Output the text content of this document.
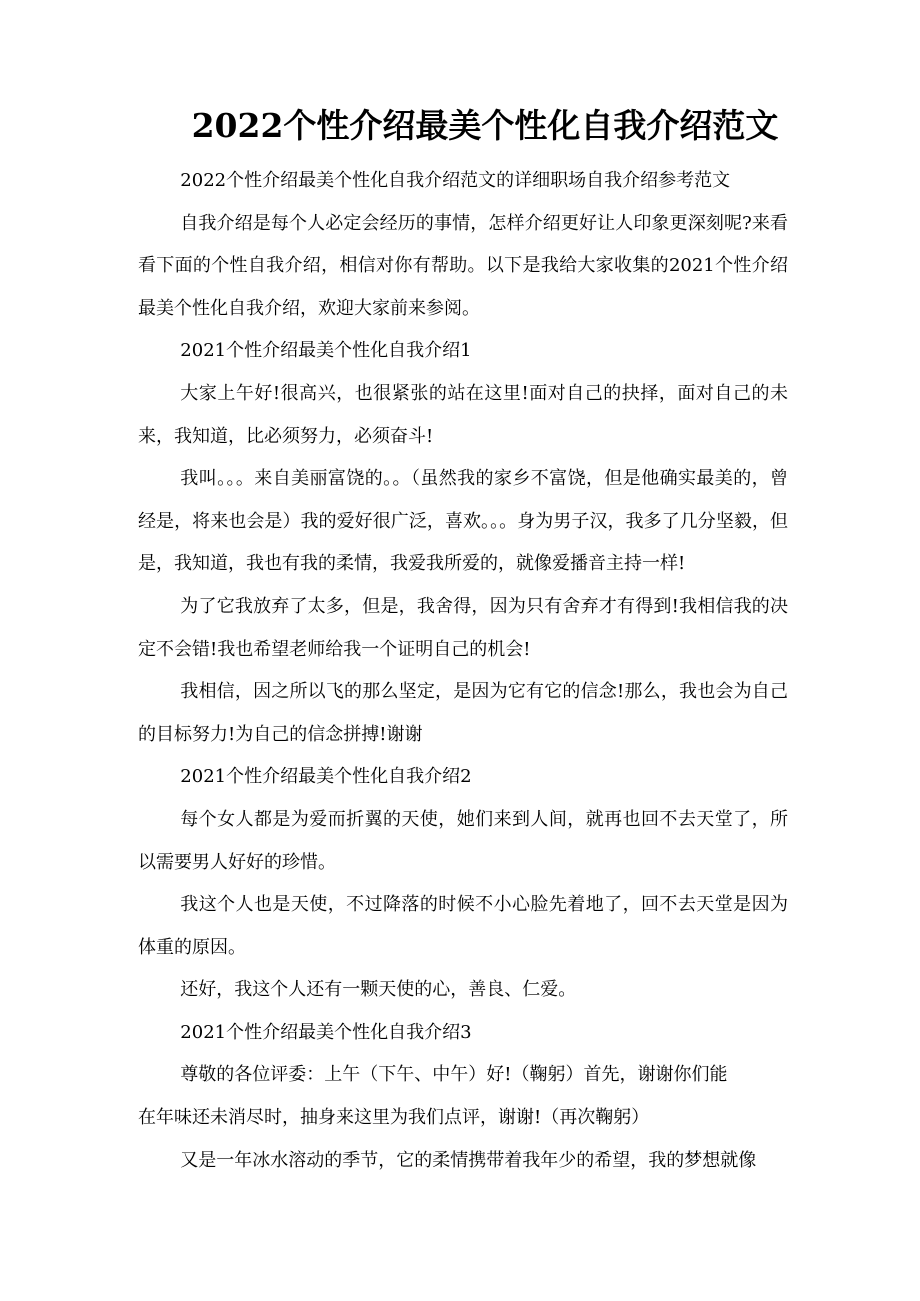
2022个性介绍最美个性化自我介绍范文

2022个性介绍最美个性化自我介绍范文的详细职场自我介绍参考范文

自我介绍是每个人必定会经历的事情，怎样介绍更好让人印象更深刻呢?来看看下面的个性自我介绍，相信对你有帮助。以下是我给大家收集的2021个性介绍最美个性化自我介绍，欢迎大家前来参阅。

2021个性介绍最美个性化自我介绍1

大家上午好!很高兴，也很紧张的站在这里!面对自己的抉择，面对自己的未来，我知道，比必须努力，必须奋斗!

我叫。。。来自美丽富饶的。。（虽然我的家乡不富饶，但是他确实最美的，曾经是，将来也会是）我的爱好很广泛，喜欢。。。身为男子汉，我多了几分坚毅，但是，我知道，我也有我的柔情，我爱我所爱的，就像爱播音主持一样!

为了它我放弃了太多，但是，我舍得，因为只有舍弃才有得到!我相信我的决定不会错!我也希望老师给我一个证明自己的机会!

我相信，因之所以飞的那么坚定，是因为它有它的信念!那么，我也会为自己的目标努力!为自己的信念拼搏!谢谢

2021个性介绍最美个性化自我介绍2

每个女人都是为爱而折翼的天使，她们来到人间，就再也回不去天堂了，所以需要男人好好的珍惜。

我这个人也是天使，不过降落的时候不小心脸先着地了，回不去天堂是因为体重的原因。

还好，我这个人还有一颗天使的心，善良、仁爱。

2021个性介绍最美个性化自我介绍3

尊敬的各位评委：上午（下午、中午）好!（鞠躬）首先，谢谢你们能

在年味还未消尽时，抽身来这里为我们点评，谢谢!（再次鞠躬）

又是一年冰水溶动的季节，它的柔情携带着我年少的希望，我的梦想就像
